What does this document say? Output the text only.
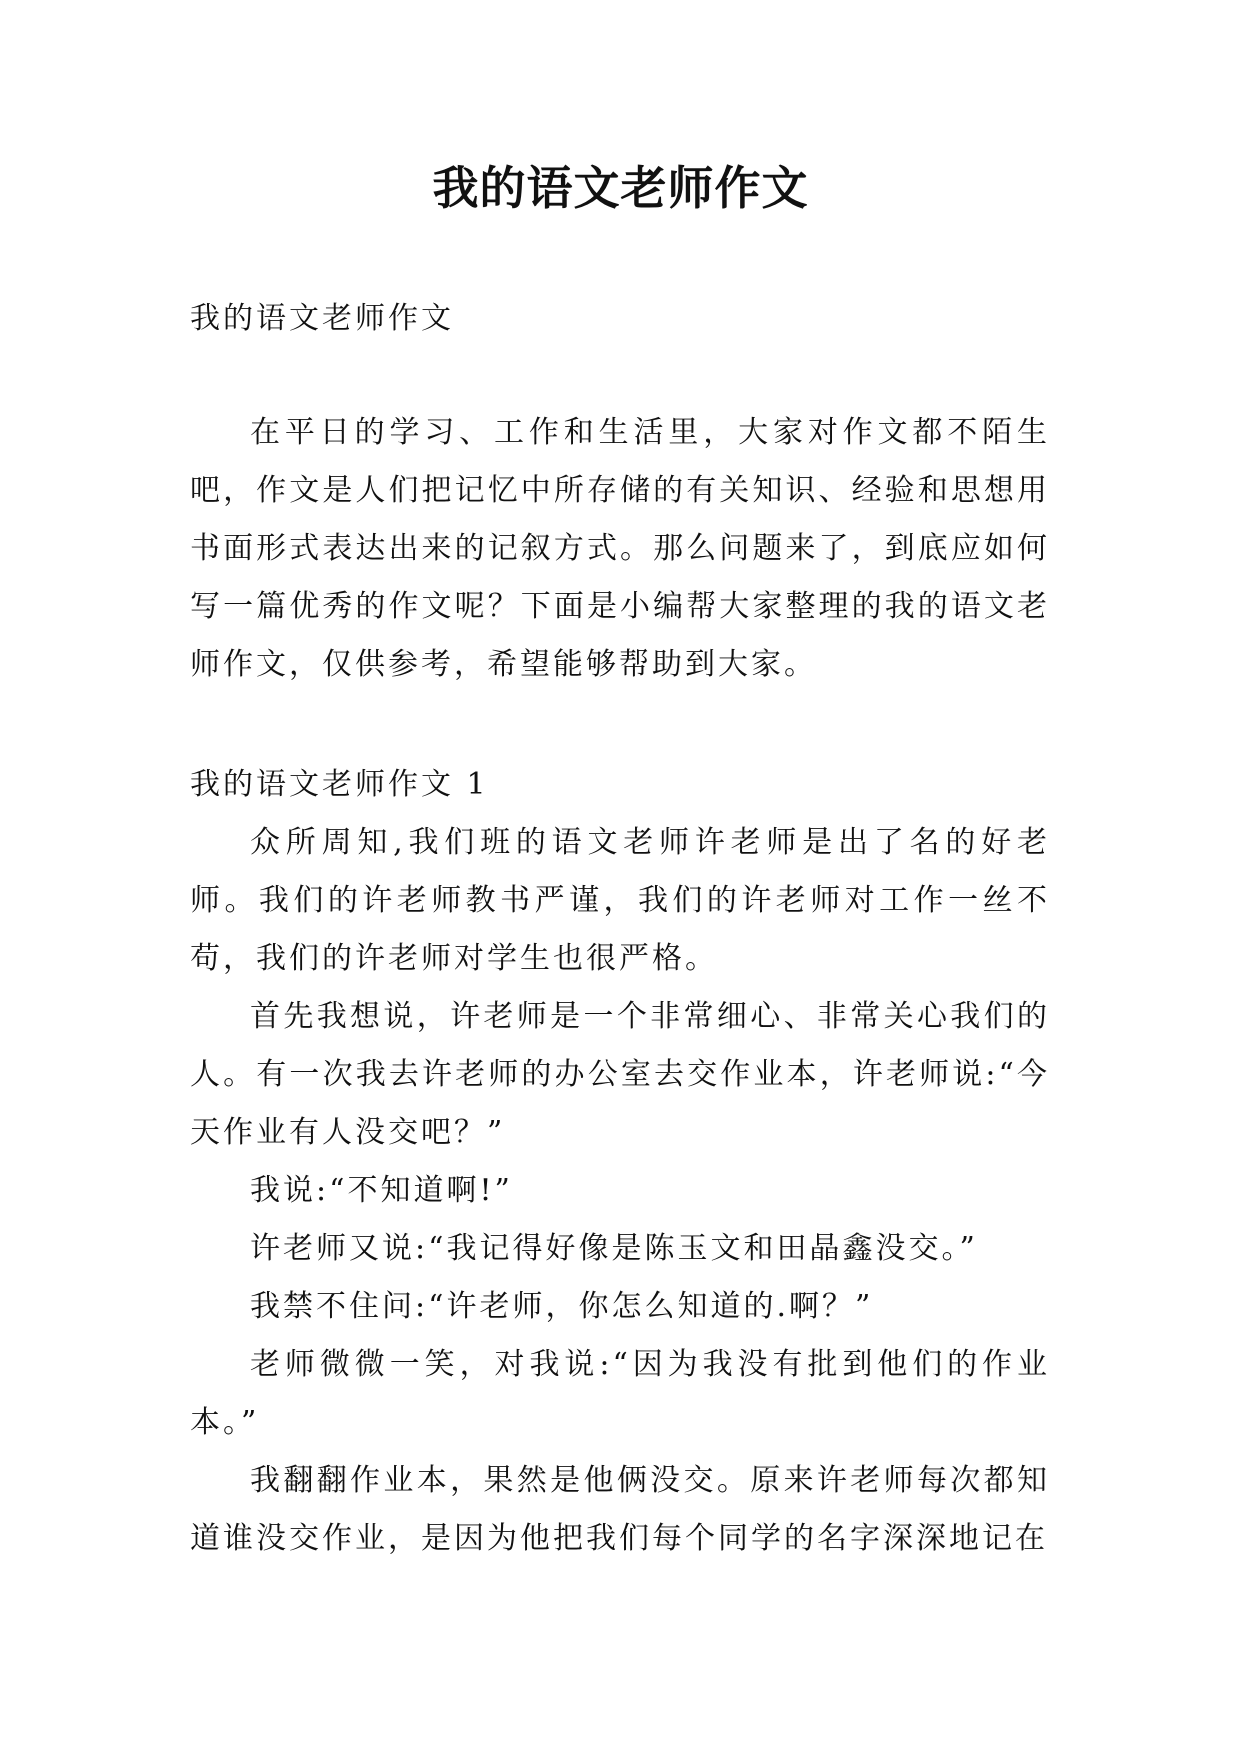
我的语文老师作文

我的语文老师作文

在平日的学习、工作和生活里，大家对作文都不陌生吧，作文是人们把记忆中所存储的有关知识、经验和思想用书面形式表达出来的记叙方式。那么问题来了，到底应如何写一篇优秀的作文呢？下面是小编帮大家整理的我的语文老师作文，仅供参考，希望能够帮助到大家。

我的语文老师作文 1

众所周知,我们班的语文老师许老师是出了名的好老师。我们的许老师教书严谨，我们的许老师对工作一丝不苟，我们的许老师对学生也很严格。

首先我想说，许老师是一个非常细心、非常关心我们的人。有一次我去许老师的办公室去交作业本，许老师说:“今天作业有人没交吧？”

我说:“不知道啊!”

许老师又说:“我记得好像是陈玉文和田晶鑫没交。”

我禁不住问:“许老师，你怎么知道的.啊？”

老师微微一笑，对我说:“因为我没有批到他们的作业本。”

我翻翻作业本，果然是他俩没交。原来许老师每次都知道谁没交作业，是因为他把我们每个同学的名字深深地记在
